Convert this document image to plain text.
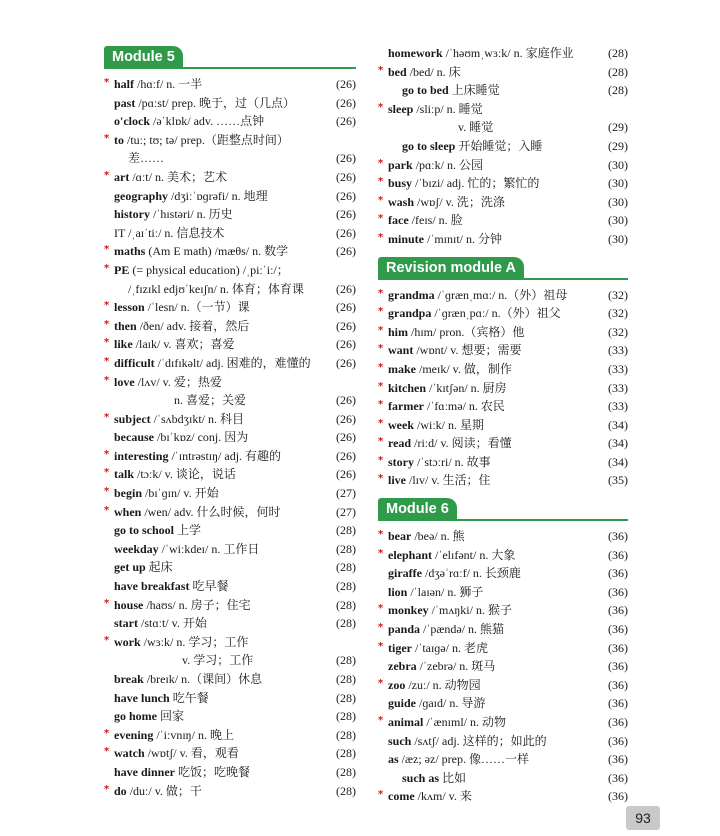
Module 5
* half /hɑːf/ n. 一半	(26)
past /pɑːst/ prep. 晚于，过（几点）	(26)
o'clock /əˈklɒk/ adv. ……点钟	(26)
* to /tuː; tʊ; tə/ prep.（距整点时间）
差……	(26)
* art /ɑːt/ n. 美术；艺术	(26)
geography /dʒiːˈɒɡrəfi/ n. 地理	(26)
history /ˈhɪstəri/ n. 历史	(26)
IT /ˌaɪˈtiː/ n. 信息技术	(26)
* maths (Am E math) /mæθs/ n. 数学	(26)
* PE (= physical education) /ˌpiːˈiː/；
/ˌfɪzɪkl edjʊˈkeɪʃn/ n. 体育；体育课	(26)
* lesson /ˈlesn/ n.（一节）课	(26)
* then /ðen/ adv. 接着，然后	(26)
* like /laɪk/ v. 喜欢；喜爱	(26)
* difficult /ˈdɪfɪkəlt/ adj. 困难的，难懂的	(26)
* love /lʌv/ v. 爱；热爱
n. 喜爱；关爱	(26)
* subject /ˈsʌbdʒɪkt/ n. 科目	(26)
because /bɪˈkɒz/ conj. 因为	(26)
* interesting /ˈɪntrəstɪŋ/ adj. 有趣的	(26)
* talk /tɔːk/ v. 谈论，说话	(26)
* begin /bɪˈɡɪn/ v. 开始	(27)
* when /wen/ adv. 什么时候，何时	(27)
go to school 上学	(28)
weekday /ˈwiːkdeɪ/ n. 工作日	(28)
get up 起床	(28)
have breakfast 吃早餐	(28)
* house /haʊs/ n. 房子；住宅	(28)
start /stɑːt/ v. 开始	(28)
* work /wɜːk/ n. 学习；工作
v. 学习；工作	(28)
break /breɪk/ n.（课间）休息	(28)
have lunch 吃午餐	(28)
go home 回家	(28)
* evening /ˈiːvnɪŋ/ n. 晚上	(28)
* watch /wɒtʃ/ v. 看，观看	(28)
have dinner 吃饭；吃晚餐	(28)
* do /duː/ v. 做；干	(28)
homework /ˈhəʊmˌwɜːk/ n. 家庭作业	(28)
* bed /bed/ n. 床	(28)
go to bed 上床睡觉	(28)
* sleep /sliːp/ n. 睡觉
v. 睡觉	(29)
go to sleep 开始睡觉；入睡	(29)
* park /pɑːk/ n. 公园	(30)
* busy /ˈbɪzi/ adj. 忙的；繁忙的	(30)
* wash /wɒʃ/ v. 洗；洗涤	(30)
* face /feɪs/ n. 脸	(30)
* minute /ˈmɪnɪt/ n. 分钟	(30)
Revision module A
* grandma /ˈɡrænˌmɑː/ n.（外）祖母	(32)
* grandpa /ˈɡrænˌpɑː/ n.（外）祖父	(32)
* him /hɪm/ pron.（宾格）他	(32)
* want /wɒnt/ v. 想要；需要	(33)
* make /meɪk/ v. 做，制作	(33)
* kitchen /ˈkɪtʃən/ n. 厨房	(33)
* farmer /ˈfɑːmə/ n. 农民	(33)
* week /wiːk/ n. 星期	(34)
* read /riːd/ v. 阅读；看懂	(34)
* story /ˈstɔːri/ n. 故事	(34)
* live /lɪv/ v. 生活；住	(35)
Module 6
* bear /beə/ n. 熊	(36)
* elephant /ˈelɪfənt/ n. 大象	(36)
giraffe /dʒəˈrɑːf/ n. 长颈鹿	(36)
lion /ˈlaɪən/ n. 狮子	(36)
* monkey /ˈmʌŋki/ n. 猴子	(36)
* panda /ˈpændə/ n. 熊猫	(36)
* tiger /ˈtaɪɡə/ n. 老虎	(36)
zebra /ˈzebrə/ n. 斑马	(36)
* zoo /zuː/ n. 动物园	(36)
guide /ɡaɪd/ n. 导游	(36)
* animal /ˈænɪml/ n. 动物	(36)
such /sʌtʃ/ adj. 这样的；如此的	(36)
as /æz; əz/ prep. 像……一样	(36)
such as 比如	(36)
* come /kʌm/ v. 来	(36)
93
